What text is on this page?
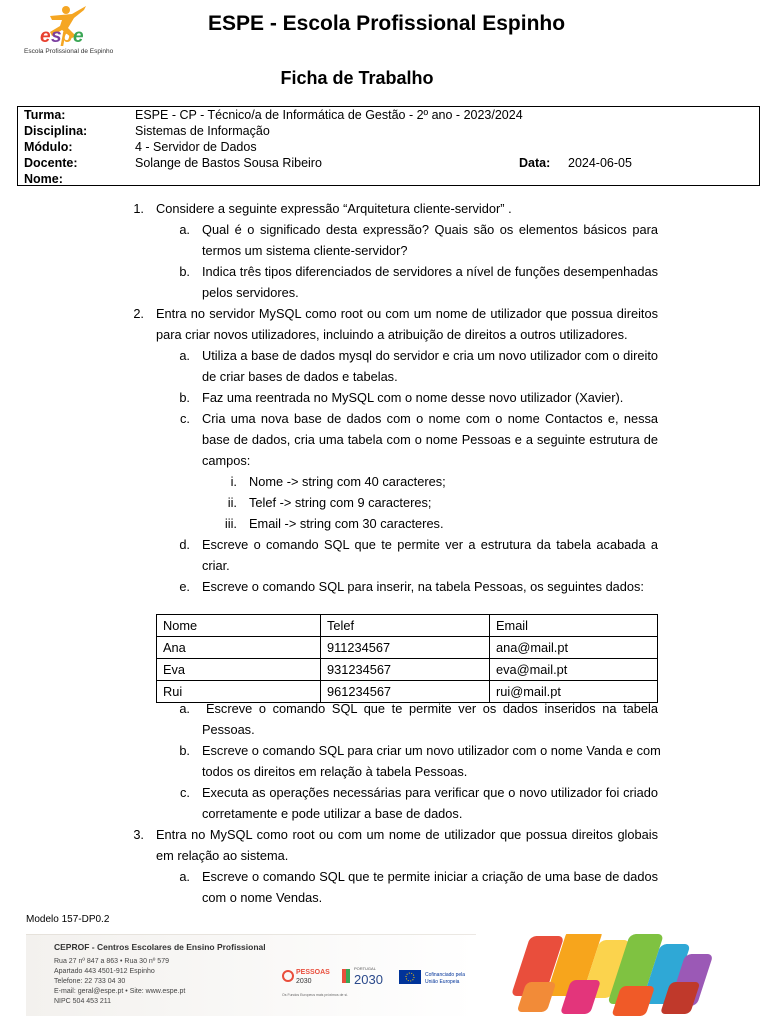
e s p e
Escola Profissional de Espinho
ESPE - Escola Profissional Espinho
Ficha de Trabalho
Turma:	ESPE - CP - Técnico/a de Informática de Gestão - 2º ano - 2023/2024
Disciplina:	Sistemas de Informação
Módulo:	4 - Servidor de Dados
Docente:	Solange de Bastos Sousa Ribeiro	Data: 2024-06-05
Nome:
1. Considere a seguinte expressão “Arquitetura cliente-servidor” .
a. Qual é o significado desta expressão? Quais são os elementos básicos para
termos um sistema cliente-servidor?
b. Indica três tipos diferenciados de servidores a nível de funções desempenhadas
pelos servidores.
2. Entra no servidor MySQL como root ou com um nome de utilizador que possua direitos
para criar novos utilizadores, incluindo a atribuição de direitos a outros utilizadores.
a. Utiliza a base de dados mysql do servidor e cria um novo utilizador com o direito
de criar bases de dados e tabelas.
b. Faz uma reentrada no MySQL com o nome desse novo utilizador (Xavier).
c. Cria uma nova base de dados com o nome com o nome Contactos e, nessa
base de dados, cria uma tabela com o nome Pessoas e a seguinte estrutura de
campos:
i. Nome -> string com 40 caracteres;
ii. Telef -> string com 9 caracteres;
iii. Email -> string com 30 caracteres.
d. Escreve o comando SQL que te permite ver a estrutura da tabela acabada a
criar.
e. Escreve o comando SQL para inserir, na tabela Pessoas, os seguintes dados:
Nome	Telef	Email
Ana	911234567	ana@mail.pt
Eva	931234567	eva@mail.pt
Rui	961234567	rui@mail.pt
a. Escreve o comando SQL que te permite ver os dados inseridos na tabela
Pessoas.
b. Escreve o comando SQL para criar um novo utilizador com o nome Vanda e com
todos os direitos em relação à tabela Pessoas.
c. Executa as operações necessárias para verificar que o novo utilizador foi criado
corretamente e pode utilizar a base de dados.
3. Entra no MySQL como root ou com um nome de utilizador que possua direitos globais
em relação ao sistema.
a. Escreve o comando SQL que te permite iniciar a criação de uma base de dados
com o nome Vendas.
Modelo 157-DP0.2
CEPROF - Centros Escolares de Ensino Profissional
Rua 27 nº 847 a 863 • Rua 30 nº 579
Apartado 443 4501-912 Espinho
Telefone: 22 733 04 30
E-mail: geral@espe.pt • Site: www.espe.pt
NIPC 504 453 211
PESSOAS
2030
PORTUGAL
2030	Cofinanciado pela
União Europeia
Os Fundos Europeus mais próximos de si.
